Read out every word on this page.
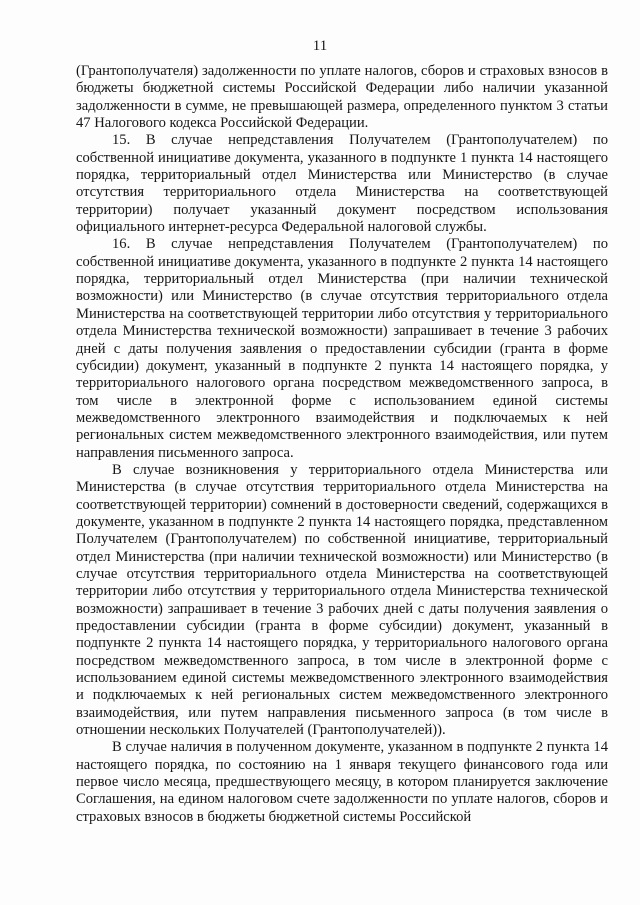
11

(Грантополучателя) задолженности по уплате налогов, сборов и страховых взносов в бюджеты бюджетной системы Российской Федерации либо наличии указанной задолженности в сумме, не превышающей размера, определенного пунктом 3 статьи 47 Налогового кодекса Российской Федерации.

15. В случае непредставления Получателем (Грантополучателем) по собственной инициативе документа, указанного в подпункте 1 пункта 14 настоящего порядка, территориальный отдел Министерства или Министерство (в случае отсутствия территориального отдела Министерства на соответствующей территории) получает указанный документ посредством использования официального интернет-ресурса Федеральной налоговой службы.

16. В случае непредставления Получателем (Грантополучателем) по собственной инициативе документа, указанного в подпункте 2 пункта 14 настоящего порядка, территориальный отдел Министерства (при наличии технической возможности) или Министерство (в случае отсутствия территориального отдела Министерства на соответствующей территории либо отсутствия у территориального отдела Министерства технической возможности) запрашивает в течение 3 рабочих дней с даты получения заявления о предоставлении субсидии (гранта в форме субсидии) документ, указанный в подпункте 2 пункта 14 настоящего порядка, у территориального налогового органа посредством межведомственного запроса, в том числе в электронной форме с использованием единой системы межведомственного электронного взаимодействия и подключаемых к ней региональных систем межведомственного электронного взаимодействия, или путем направления письменного запроса.

В случае возникновения у территориального отдела Министерства или Министерства (в случае отсутствия территориального отдела Министерства на соответствующей территории) сомнений в достоверности сведений, содержащихся в документе, указанном в подпункте 2 пункта 14 настоящего порядка, представленном Получателем (Грантополучателем) по собственной инициативе, территориальный отдел Министерства (при наличии технической возможности) или Министерство (в случае отсутствия территориального отдела Министерства на соответствующей территории либо отсутствия у территориального отдела Министерства технической возможности) запрашивает в течение 3 рабочих дней с даты получения заявления о предоставлении субсидии (гранта в форме субсидии) документ, указанный в подпункте 2 пункта 14 настоящего порядка, у территориального налогового органа посредством межведомственного запроса, в том числе в электронной форме с использованием единой системы межведомственного электронного взаимодействия и подключаемых к ней региональных систем межведомственного электронного взаимодействия, или путем направления письменного запроса (в том числе в отношении нескольких Получателей (Грантополучателей)).

В случае наличия в полученном документе, указанном в подпункте 2 пункта 14 настоящего порядка, по состоянию на 1 января текущего финансового года или первое число месяца, предшествующего месяцу, в котором планируется заключение Соглашения, на едином налоговом счете задолженности по уплате налогов, сборов и страховых взносов в бюджеты бюджетной системы Российской
